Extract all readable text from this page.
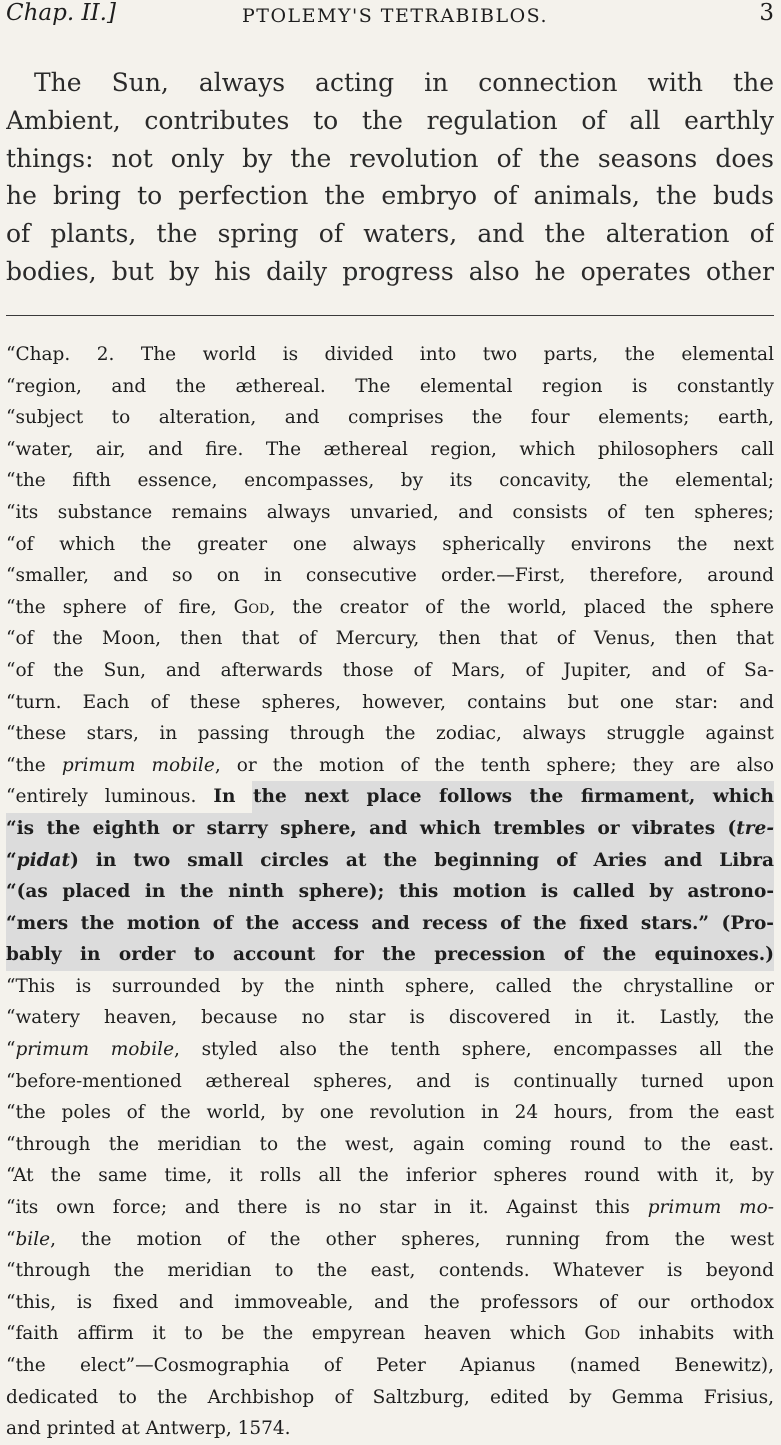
Chap. II.]	PTOLEMY'S TETRABIBLOS.	3
The Sun, always acting in connection with the
Ambient, contributes to the regulation of all earthly
things: not only by the revolution of the seasons does
he bring to perfection the embryo of animals, the buds
of plants, the spring of waters, and the alteration of
bodies, but by his daily progress also he operates other
“Chap. 2. The world is divided into two parts, the elemental
“region, and the æthereal. The elemental region is constantly
“subject to alteration, and comprises the four elements; earth,
“water, air, and fire. The æthereal region, which philosophers call
“the fifth essence, encompasses, by its concavity, the elemental;
“its substance remains always unvaried, and consists of ten spheres;
“of which the greater one always spherically environs the next
“smaller, and so on in consecutive order.—First, therefore, around
“the sphere of fire, God, the creator of the world, placed the sphere
“of the Moon, then that of Mercury, then that of Venus, then that
“of the Sun, and afterwards those of Mars, of Jupiter, and of Sa-
“turn. Each of these spheres, however, contains but one star: and
“these stars, in passing through the zodiac, always struggle against
“the primum mobile, or the motion of the tenth sphere; they are also
“entirely luminous. In the next place follows the firmament, which
“is the eighth or starry sphere, and which trembles or vibrates (tre-
“pidat) in two small circles at the beginning of Aries and Libra
“(as placed in the ninth sphere); this motion is called by astrono-
“mers the motion of the access and recess of the fixed stars.” (Pro-
bably in order to account for the precession of the equinoxes.)
“This is surrounded by the ninth sphere, called the chrystalline or
“watery heaven, because no star is discovered in it. Lastly, the
“primum mobile, styled also the tenth sphere, encompasses all the
“before-mentioned æthereal spheres, and is continually turned upon
“the poles of the world, by one revolution in 24 hours, from the east
“through the meridian to the west, again coming round to the east.
“At the same time, it rolls all the inferior spheres round with it, by
“its own force; and there is no star in it. Against this primum mo-
“bile, the motion of the other spheres, running from the west
“through the meridian to the east, contends. Whatever is beyond
“this, is fixed and immoveable, and the professors of our orthodox
“faith affirm it to be the empyrean heaven which God inhabits with
“the elect”—Cosmographia of Peter Apianus (named Benewitz),
dedicated to the Archbishop of Saltzburg, edited by Gemma Frisius,
and printed at Antwerp, 1574.
